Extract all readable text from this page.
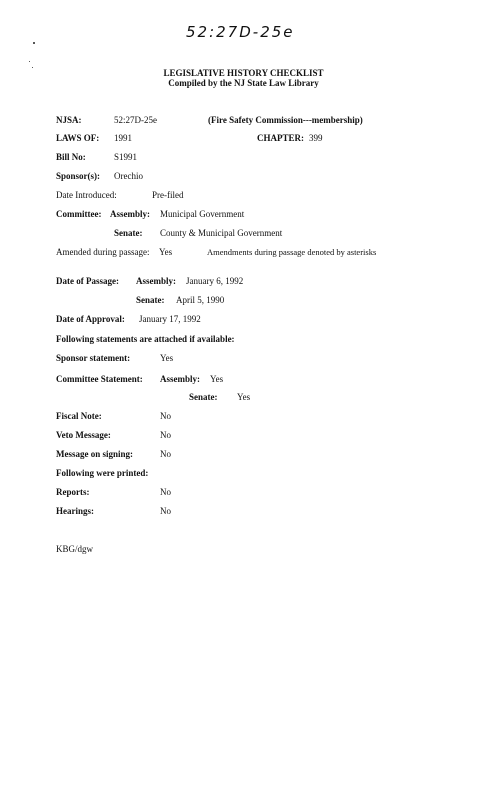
52:27D-25e
LEGISLATIVE HISTORY CHECKLIST
Compiled by the NJ State Law Library
NJSA:	52:27D-25e	(Fire Safety Commission---membership)
LAWS OF: 1991	CHAPTER: 399
Bill No:	S1991
Sponsor(s): Orechio
Date Introduced:	Pre-filed
Committee: Assembly: Municipal Government
Senate: County & Municipal Government
Amended during passage: Yes	Amendments during passage denoted by asterisks
Date of Passage: Assembly: January 6, 1992
Senate: April 5, 1990
Date of Approval: January 17, 1992
Following statements are attached if available:
Sponsor statement:	Yes
Committee Statement: Assembly: Yes
Senate: Yes
Fiscal Note:	No
Veto Message:	No
Message on signing:	No
Following were printed:
Reports:	No
Hearings:	No
KBG/dgw
